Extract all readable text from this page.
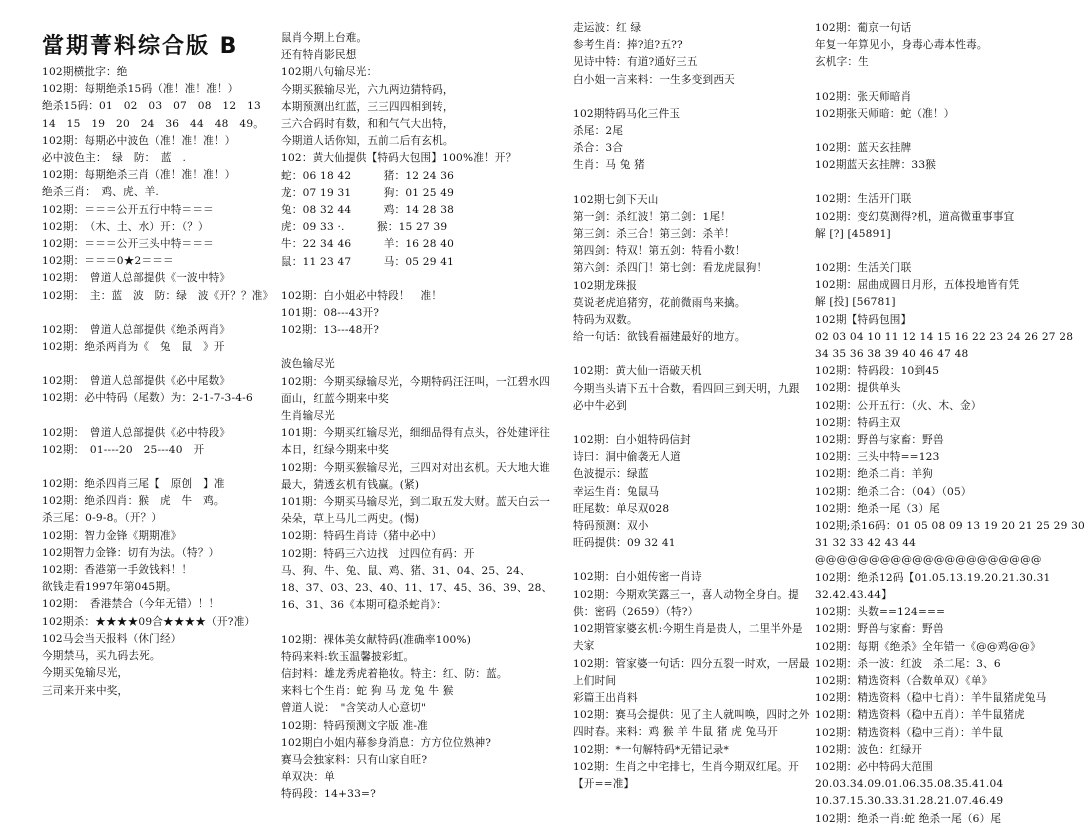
當期菁料综合版 B
102期横批字：绝
102期：每期绝杀15码（准！准！准！）
绝杀15码：01　02　03　07　08　12　13
14　15　19　20　24　36　44　48　49。
102期：每期必中波色（准！准！准！）
必中波色主：　绿　防：　蓝　.
102期：每期绝杀三肖（准！准！准！）
绝杀三肖：　鸡、虎、羊.
102期：＝＝＝公开五行中特＝＝＝
102期：　（木、土、水）开：（？）
102期：＝＝＝公开三头中特＝＝＝
102期：＝＝＝0★2＝＝＝
102期：　曾道人总部提供《一波中特》
102期：　主：蓝　波　防：绿　波《开？？准》
102期：　曾道人总部提供《绝杀两肖》
102期：绝杀两肖为《　兔　鼠　》开
102期：　曾道人总部提供《必中尾数》
102期：必中特码（尾数）为：2-1-7-3-4-6
102期：　曾道人总部提供《必中特段》
102期：　01----20　25---40　开
102期：绝杀四肖三尾【　原创　】准
102期：绝杀四肖：猴　虎　牛　鸡。
杀三尾：0-9-8。（开？）
102期：智力金锋《期期准》
102期智力金锋：切有为法。（特？）
102期：香港第一手敛钱料！！
欲钱走看1997年第045期。
102期：　香港禁合（今年无错）！！
102期杀：★★★★09合★★★★（开?准）
102马会当天报料（休门经）
今期禁马，买九码去死。
今期买兔输尽光，
三司来开来中奖，
鼠肖今期上台难。
还有特肖影民想
102期八句输尽光：
今期买猴输尽光，六九两边猜特码，
本期预测出红蓝，三三四四相到转，
三六合码时有数，和和气气大出特，
今期道人话你知，五前二后有玄机。
102：黄大仙提供【特码大包围】100%准！开？
蛇：06 18 42　　　猪：12 24 36
龙：07 19 31　　　狗：01 25 49
兔：08 32 44　　　鸡：14 28 38
虎：09 33 ·.　　　猴：15 27 39
牛：22 34 46　　　羊：16 28 40
鼠：11 23 47　　　马：05 29 41
102期：白小姐必中特段！　准！
101期：08---43开?
102期：13---48开?
波色输尽光
102期：今期买绿输尽光，今期特码汪汪叫，一江碧水四面山，红蓝今期来中奖
生肖输尽光
101期：今期买红输尽光，细细品得有点头，谷处建评往本日，红绿今期来中奖
102期：今期买猴输尽光，三四对对出玄机。天大地大谁最大，猜透玄机有钱赢。(紧)
101期：今期买马输尽光，到二取五发大财。蓝天白云一朵朵，草上马儿二两史。(惕)
102期：特码生肖诗（猪中必中）
102期：特码三六边找　过四位有码：开
马、狗、牛、兔、鼠、鸡、猪、31、04、25、24、
18、37、03、23、40、11、17、45、36、39、28、
16、31、36《本期可稳杀蛇肖》：
102期：裸体美女献特码(准确率100%)
特码来料:软玉温馨披彩虹。
信封料：雄龙秀虎着艳妆。特主：红、防：蓝。
来料七个生肖：蛇 狗 马 龙 兔 牛 猴
曾道人说：　"含笑动人心意切"
102期：特码预测文字版 准-准
102期白小姐内幕参身消息：方方位位熟神?
赛马会独家料：只有山家自旺?
单双决：单
特码段：14+33=?
走运波：红 绿
参考生肖：捧?追?五??
见诗中特：有道?通好三五
白小姐一言来料：一生多变到西天
102期特码马化三件玉
杀尾：2尾
杀合：3合
生肖：马 兔 猪
102期七剑下天山
第一剑：杀红波！第二剑：1尾！
第三剑：杀三合！第三剑：杀羊！
第四剑：特双！第五剑：特看小数！
第六剑：杀四门！第七剑：看龙虎鼠狗！
102期龙珠报
莫说老虎追猪穷，花前微雨鸟来擒。
特码为双数。
给一句话：欲钱看福建最好的地方。
102期：黄大仙一语破天机
今期当头请下五十合数，看四回三到天明，九跟必中牛必到
102期：白小姐特码信封
诗曰：洞中偷袭无人道
色波提示：绿蓝
幸运生肖：兔鼠马
旺尾数：单尽双028
特码预测：双小
旺码提供：09 32 41
102期：白小姐传密一肖诗
102期：今期欢笑露三一，喜人动物全身白。提供：密码（2659）（特?）
102期管家婆玄机:今期生肖是贵人，二里半外是夫家
102期：管家婆一句话：四分五裂一时欢，一居最上们时间
彩篇王出肖料
102期：赛马会提供：见了主人就叫唤，四时之外四时春。来料：鸡 猴 羊 牛鼠 猪 虎 兔马开
102期：*一句解特码*无错记录*
102期：生肖之中宅排七，生肖今期双红尾。开【开==准】
102期：葡京一句话
年复一年算见小，身毒心毒本性毒。
玄机字：生
102期：张天师暗肖
102期张天师暗：蛇（准！）
102期：蓝天玄挂牌
102期蓝天玄挂牌：33猴
102期：生活开门联
102期：变幻莫测得?机，道高微重事事宜
解 [?] [45891]
102期：生活关门联
102期：屈曲成圆日月形，五体投地皆有凭
解 [投] [56781]
102期【特码包围】
02 03 04 10 11 12 14 15 16 22 23 24 26 27 28
34 35 36 38 39 40 46 47 48
102期：特码段：10到45
102期：提供单头
102期：公开五行：（火、木、金）
102期：特码主双
102期：野兽与家畜：野兽
102期：三头中特==123
102期：绝杀二肖：羊狗
102期：绝杀二合：（04）（05）
102期：绝杀一尾（3）尾
102期;杀16码：01 05 08 09 13 19 20 21 25 29 30
31 32 33 42 43 44
@@@@@@@@@@@@@@@@@@@@@
102期：绝杀12码【01.05.13.19.20.21.30.31
32.42.43.44】
102期：头数==124===
102期：野兽与家畜：野兽
102期：每期《绝杀》全年错一《@@鸡@@》
102期：杀一波：红波　杀二尾：3、6
102期：精选资料（合数单双）《单》
102期：精选资料（稳中七肖）：羊牛鼠猪虎兔马
102期：精选资料（稳中五肖）：羊牛鼠猪虎
102期：精选资料（稳中三肖）：羊牛鼠
102期：波色：红绿开
102期：必中特码大范围
20.03.34.09.01.06.35.08.35.41.04
10.37.15.30.33.31.28.21.07.46.49
102期：绝杀一肖:蛇 绝杀一尾（6）尾
